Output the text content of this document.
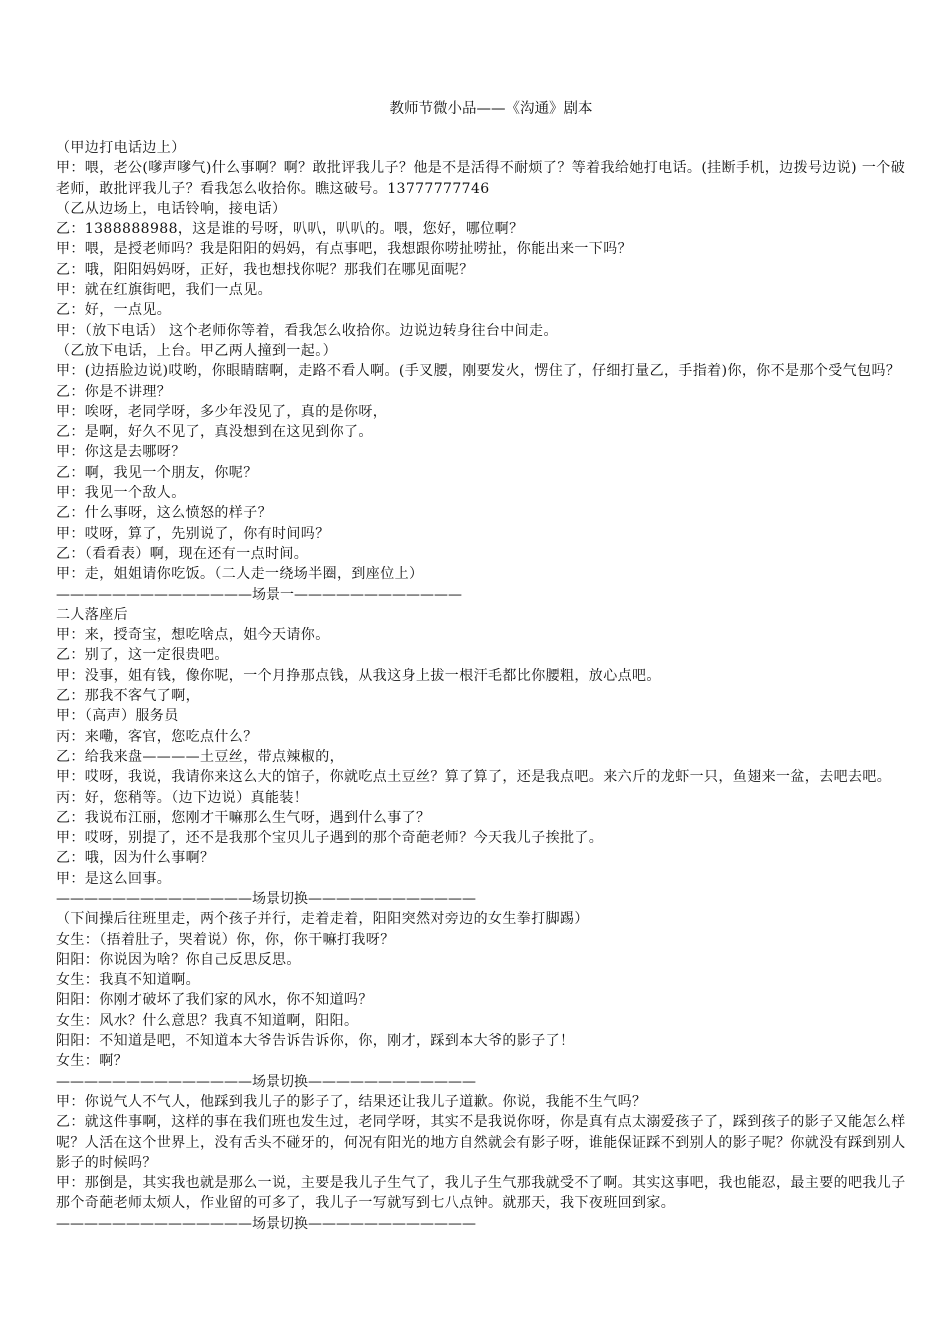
教师节微小品——《沟通》剧本

（甲边打电话边上）

甲：喂，老公(嗲声嗲气)什么事啊？啊？敢批评我儿子？他是不是活得不耐烦了？等着我给她打电话。(挂断手机，边拨号边说) 一个破老师，敢批评我儿子？看我怎么收拾你。瞧这破号。13777777746

（乙从边场上，电话铃响，接电话）

乙：1388888988，这是谁的号呀，叭叭，叭叭的。喂，您好，哪位啊？

甲：喂，是授老师吗？我是阳阳的妈妈，有点事吧，我想跟你唠扯唠扯，你能出来一下吗？

乙：哦，阳阳妈妈呀，正好，我也想找你呢？那我们在哪见面呢？

甲：就在红旗街吧，我们一点见。

乙：好，一点见。

甲：（放下电话） 这个老师你等着，看我怎么收拾你。边说边转身往台中间走。

（乙放下电话，上台。甲乙两人撞到一起。）

甲：(边捂脸边说)哎哟，你眼睛瞎啊，走路不看人啊。(手叉腰，刚要发火，愣住了，仔细打量乙，手指着)你，你不是那个受气包吗？

乙：你是不讲理？

甲：唉呀，老同学呀，多少年没见了，真的是你呀，

乙：是啊，好久不见了，真没想到在这见到你了。

甲：你这是去哪呀？

乙：啊，我见一个朋友，你呢？

甲：我见一个敌人。

乙：什么事呀，这么愤怒的样子？

甲：哎呀，算了，先别说了，你有时间吗？

乙：（看看表）啊，现在还有一点时间。

甲：走，姐姐请你吃饭。（二人走一绕场半圈，到座位上）

——————————————场景一————————————

二人落座后

甲：来，授奇宝，想吃啥点，姐今天请你。

乙：别了，这一定很贵吧。

甲：没事，姐有钱，像你呢，一个月挣那点钱，从我这身上拔一根汗毛都比你腰粗，放心点吧。

乙：那我不客气了啊，

甲：（高声）服务员

丙：来嘞，客官，您吃点什么？

乙：给我来盘————土豆丝，带点辣椒的，

甲：哎呀，我说，我请你来这么大的馆子，你就吃点土豆丝？算了算了，还是我点吧。来六斤的龙虾一只，鱼翅来一盆，去吧去吧。

丙：好，您稍等。（边下边说）真能装！

乙：我说布江丽，您刚才干嘛那么生气呀，遇到什么事了？

甲：哎呀，别提了，还不是我那个宝贝儿子遇到的那个奇葩老师？今天我儿子挨批了。

乙：哦，因为什么事啊？

甲：是这么回事。

——————————————场景切换————————————

（下间操后往班里走，两个孩子并行，走着走着，阳阳突然对旁边的女生拳打脚踢）

女生：（捂着肚子，哭着说）你，你，你干嘛打我呀？

阳阳：你说因为啥？你自己反思反思。

女生：我真不知道啊。

阳阳：你刚才破坏了我们家的风水，你不知道吗？

女生：风水？什么意思？我真不知道啊，阳阳。

阳阳：不知道是吧，不知道本大爷告诉告诉你，你，刚才，踩到本大爷的影子了！

女生：啊？

——————————————场景切换————————————

甲：你说气人不气人，他踩到我儿子的影子了，结果还让我儿子道歉。你说，我能不生气吗？

乙：就这件事啊，这样的事在我们班也发生过，老同学呀，其实不是我说你呀，你是真有点太溺爱孩子了，踩到孩子的影子又能怎么样呢？人活在这个世界上，没有舌头不碰牙的，何况有阳光的地方自然就会有影子呀，谁能保证踩不到别人的影子呢？你就没有踩到别人影子的时候吗？

甲：那倒是，其实我也就是那么一说，主要是我儿子生气了，我儿子生气那我就受不了啊。其实这事吧，我也能忍，最主要的吧我儿子那个奇葩老师太烦人，作业留的可多了，我儿子一写就写到七八点钟。就那天，我下夜班回到家。

——————————————场景切换————————————
